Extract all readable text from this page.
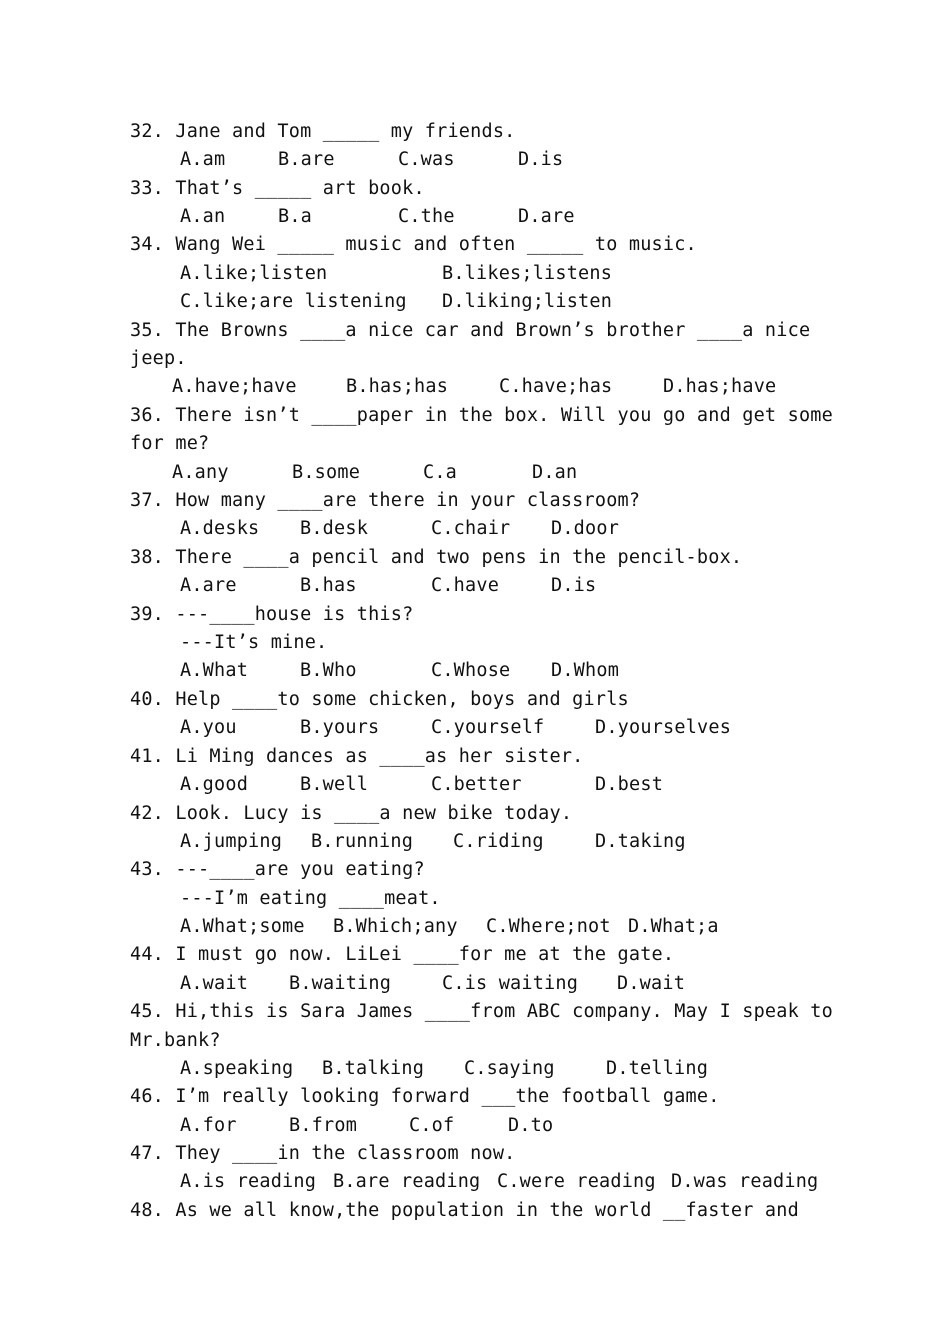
32. Jane and Tom _____ my friends.

A.am

	B.are

	C.was

	D.is

33. That’s _____ art book.

A.an

	B.a

	C.the

	D.are

34. Wang Wei _____ music and often _____ to music.

A.like;listen

	B.likes;listens

C.like;are listening

D.liking;listen

35. The Browns ____a nice car and Brown’s brother ____a nice
jeep.

A.have;have

	B.has;has

	C.have;has

	D.has;have

36. There isn’t ____paper in the box. Will you go and get some
for me?

A.any

	B.some

	C.a

	D.an

37. How many ____are there in your classroom?

A.desks

B.desk

	C.chair

D.door

38. There ____a pencil and two pens in the pencil-box.

A.are

	B.has

	C.have

	D.is

39. ---____house is this?

---It’s mine.

A.What

	B.Who

	C.Whose

D.Whom

40. Help ____to some chicken, boys and girls

A.you

	B.yours

	C.yourself

	D.yourselves

41. Li Ming dances as ____as her sister.

A.good

	B.well

	C.better

	D.best

42. Look. Lucy is ____a new bike today.

A.jumping

B.running

C.riding

	D.taking

43. ---____are you eating?

---I’m eating ____meat.

A.What;some

B.Which;any

C.Where;not

D.What;a

44. I must go now. LiLei ____for me at the gate.

A.wait

B.waiting

	C.is waiting

D.wait

45. Hi,this is Sara James ____from ABC company. May I speak to
Mr.bank?

A.speaking

B.talking

C.saying

	D.telling

46. I’m really looking forward ___the football game.

A.for

	B.from

	C.of

	D.to

47. They ____in the classroom now.

A.is reading

B.are reading

C.were reading

D.was reading

48. As we all know,the population in the world __faster and
